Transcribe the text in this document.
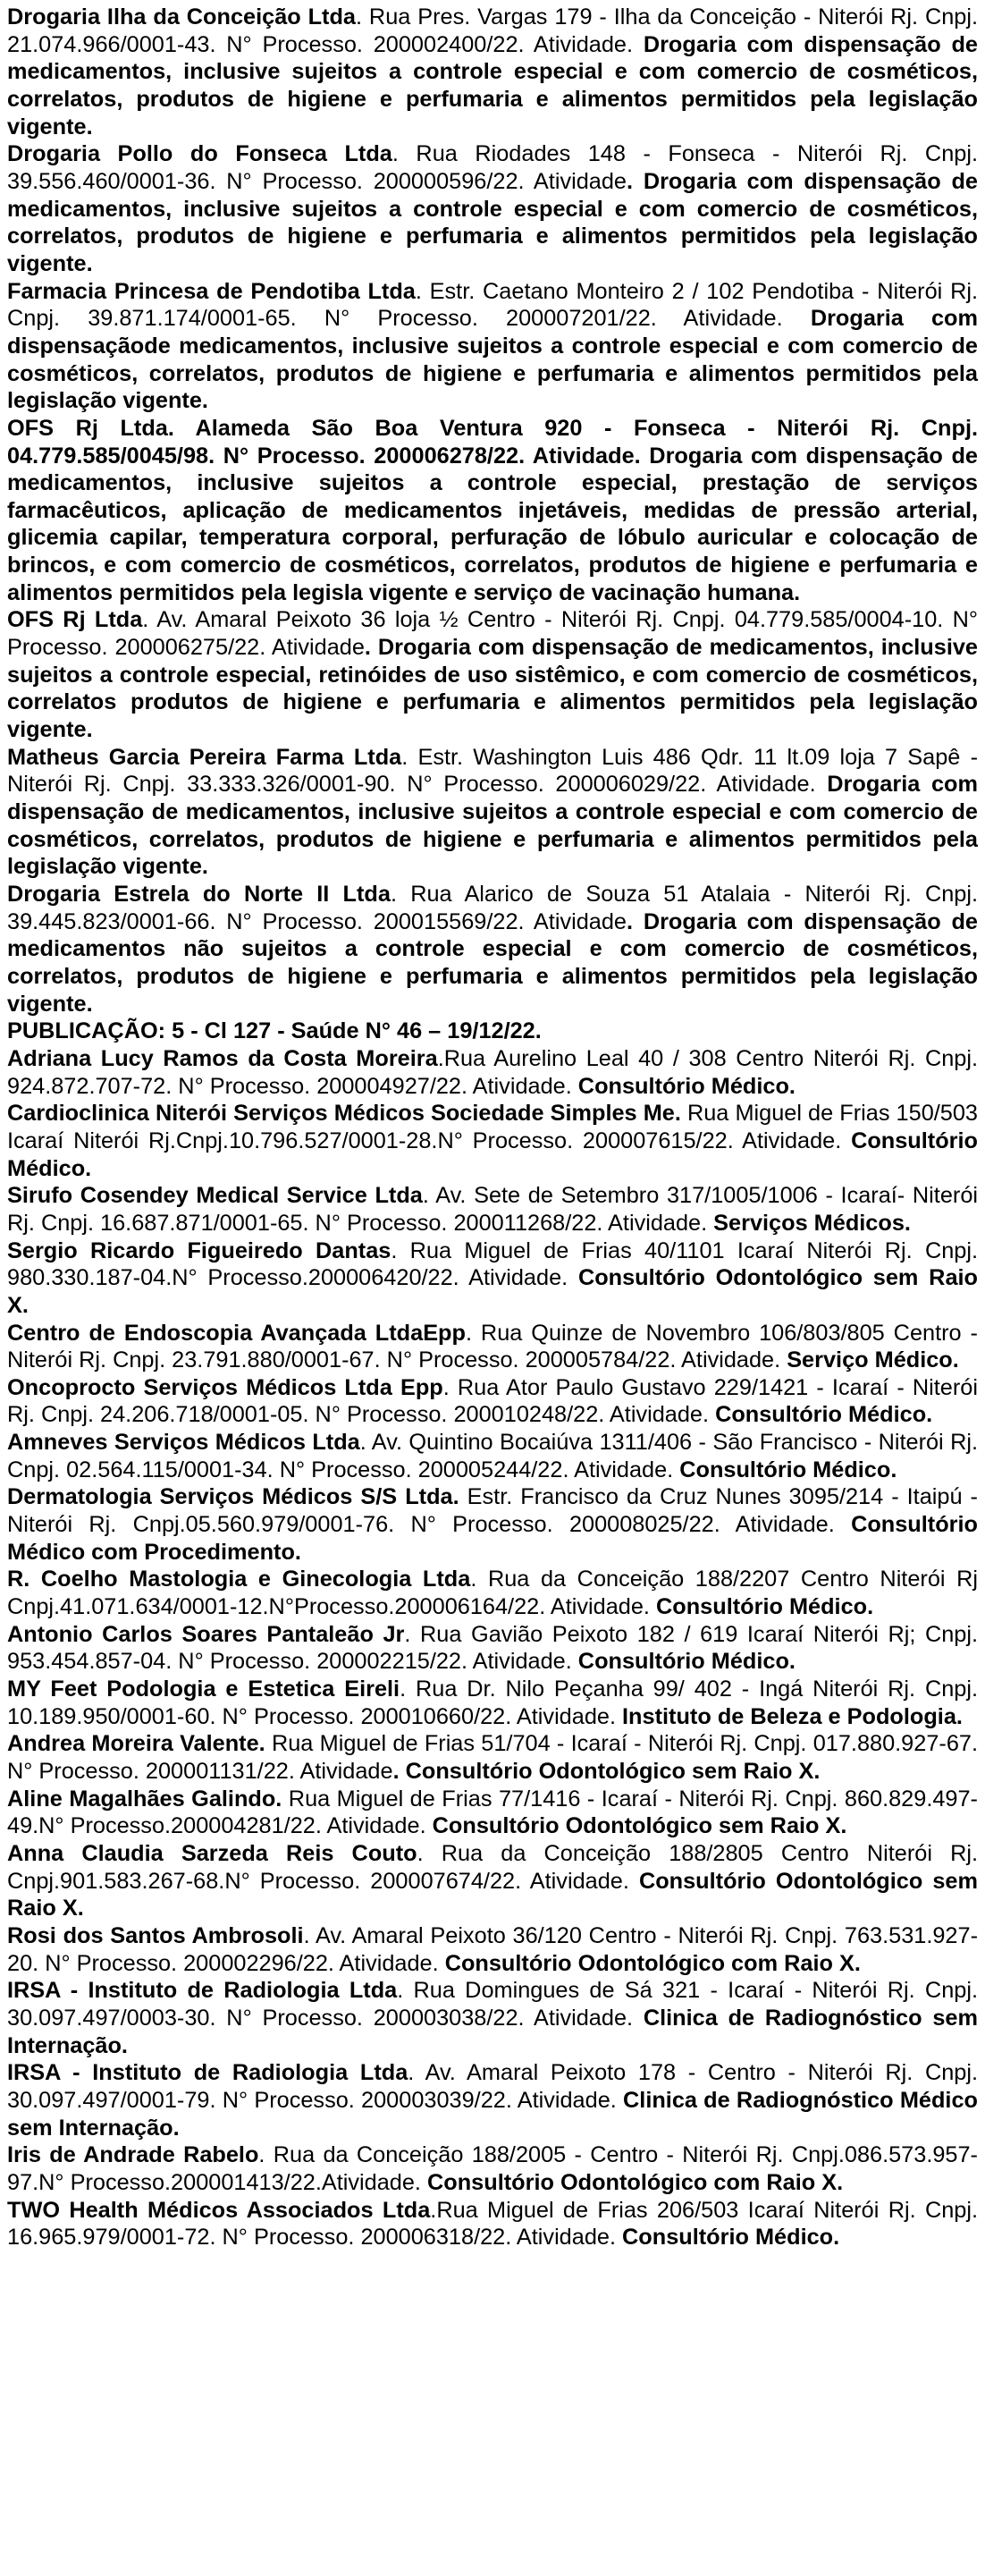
Drogaria Ilha da Conceição Ltda. Rua Pres. Vargas 179 - Ilha da Conceição - Niterói Rj. Cnpj. 21.074.966/0001-43. N° Processo. 200002400/22. Atividade. Drogaria com dispensação de medicamentos, inclusive sujeitos a controle especial e com comercio de cosméticos, correlatos, produtos de higiene e perfumaria e alimentos permitidos pela legislação vigente.

Drogaria Pollo do Fonseca Ltda. Rua Riodades 148 - Fonseca - Niterói Rj. Cnpj. 39.556.460/0001-36. N° Processo. 200000596/22. Atividade. Drogaria com dispensação de medicamentos, inclusive sujeitos a controle especial e com comercio de cosméticos, correlatos, produtos de higiene e perfumaria e alimentos permitidos pela legislação vigente.

Farmacia Princesa de Pendotiba Ltda. Estr. Caetano Monteiro 2 / 102 Pendotiba - Niterói Rj. Cnpj. 39.871.174/0001-65. N° Processo. 200007201/22. Atividade. Drogaria com dispensaçãode medicamentos, inclusive sujeitos a controle especial e com comercio de cosméticos, correlatos, produtos de higiene e perfumaria e alimentos permitidos pela legislação vigente.

OFS Rj Ltda. Alameda São Boa Ventura 920 - Fonseca - Niterói Rj. Cnpj. 04.779.585/0045/98. N° Processo. 200006278/22. Atividade. Drogaria com dispensação de medicamentos, inclusive sujeitos a controle especial, prestação de serviços farmacêuticos, aplicação de medicamentos injetáveis, medidas de pressão arterial, glicemia capilar, temperatura corporal, perfuração de lóbulo auricular e colocação de brincos, e com comercio de cosméticos, correlatos, produtos de higiene e perfumaria e alimentos permitidos pela legisla vigente e serviço de vacinação humana.

OFS Rj Ltda. Av. Amaral Peixoto 36 loja ½ Centro - Niterói Rj. Cnpj. 04.779.585/0004-10. N° Processo. 200006275/22. Atividade. Drogaria com dispensação de medicamentos, inclusive sujeitos a controle especial, retinóides de uso sistêmico, e com comercio de cosméticos, correlatos produtos de higiene e perfumaria e alimentos permitidos pela legislação vigente.

Matheus Garcia Pereira Farma Ltda. Estr. Washington Luis 486 Qdr. 11 lt.09 loja 7 Sapê - Niterói Rj. Cnpj. 33.333.326/0001-90. N° Processo. 200006029/22. Atividade. Drogaria com dispensação de medicamentos, inclusive sujeitos a controle especial e com comercio de cosméticos, correlatos, produtos de higiene e perfumaria e alimentos permitidos pela legislação vigente.

Drogaria Estrela do Norte II Ltda. Rua Alarico de Souza 51 Atalaia - Niterói Rj. Cnpj. 39.445.823/0001-66. N° Processo. 200015569/22. Atividade. Drogaria com dispensação de medicamentos não sujeitos a controle especial e com comercio de cosméticos, correlatos, produtos de higiene e perfumaria e alimentos permitidos pela legislação vigente.

PUBLICAÇÃO: 5 - Cl 127 - Saúde N° 46 – 19/12/22.

Adriana Lucy Ramos da Costa Moreira.Rua Aurelino Leal 40 / 308 Centro Niterói Rj. Cnpj. 924.872.707-72. N° Processo. 200004927/22. Atividade. Consultório Médico.

Cardioclinica Niterói Serviços Médicos Sociedade Simples Me. Rua Miguel de Frias 150/503 Icaraí Niterói Rj.Cnpj.10.796.527/0001-28.N° Processo. 200007615/22. Atividade. Consultório Médico.

Sirufo Cosendey Medical Service Ltda. Av. Sete de Setembro 317/1005/1006 - Icaraí- Niterói Rj. Cnpj. 16.687.871/0001-65. N° Processo. 200011268/22. Atividade. Serviços Médicos.

Sergio Ricardo Figueiredo Dantas. Rua Miguel de Frias 40/1101 Icaraí Niterói Rj. Cnpj. 980.330.187-04.N° Processo.200006420/22. Atividade. Consultório Odontológico sem Raio X.

Centro de Endoscopia Avançada LtdaEpp. Rua Quinze de Novembro 106/803/805 Centro - Niterói Rj. Cnpj. 23.791.880/0001-67. N° Processo. 200005784/22. Atividade. Serviço Médico.

Oncoprocto Serviços Médicos Ltda Epp. Rua Ator Paulo Gustavo 229/1421 - Icaraí - Niterói Rj. Cnpj. 24.206.718/0001-05. N° Processo. 200010248/22. Atividade. Consultório Médico.

Amneves Serviços Médicos Ltda. Av. Quintino Bocaiúva 1311/406 - São Francisco - Niterói Rj. Cnpj. 02.564.115/0001-34. N° Processo. 200005244/22. Atividade. Consultório Médico.

Dermatologia Serviços Médicos S/S Ltda. Estr. Francisco da Cruz Nunes 3095/214 - Itaipú - Niterói Rj. Cnpj.05.560.979/0001-76. N° Processo. 200008025/22. Atividade. Consultório Médico com Procedimento.

R. Coelho Mastologia e Ginecologia Ltda. Rua da Conceição 188/2207 Centro Niterói Rj Cnpj.41.071.634/0001-12.N°Processo.200006164/22. Atividade. Consultório Médico.

Antonio Carlos Soares Pantaleão Jr. Rua Gavião Peixoto 182 / 619 Icaraí Niterói Rj; Cnpj. 953.454.857-04. N° Processo. 200002215/22. Atividade. Consultório Médico.

MY Feet Podologia e Estetica Eireli. Rua Dr. Nilo Peçanha 99/ 402 - Ingá Niterói Rj. Cnpj. 10.189.950/0001-60. N° Processo. 200010660/22. Atividade. Instituto de Beleza e Podologia.

Andrea Moreira Valente. Rua Miguel de Frias 51/704 - Icaraí - Niterói Rj. Cnpj. 017.880.927-67. N° Processo. 200001131/22. Atividade. Consultório Odontológico sem Raio X.

Aline Magalhães Galindo. Rua Miguel de Frias 77/1416 - Icaraí - Niterói Rj. Cnpj. 860.829.497-49.N° Processo.200004281/22. Atividade. Consultório Odontológico sem Raio X.

Anna Claudia Sarzeda Reis Couto. Rua da Conceição 188/2805 Centro Niterói Rj. Cnpj.901.583.267-68.N° Processo. 200007674/22. Atividade. Consultório Odontológico sem Raio X.

Rosi dos Santos Ambrosoli. Av. Amaral Peixoto 36/120 Centro - Niterói Rj. Cnpj. 763.531.927-20. N° Processo. 200002296/22. Atividade. Consultório Odontológico com Raio X.

IRSA - Instituto de Radiologia Ltda. Rua Domingues de Sá 321 - Icaraí - Niterói Rj. Cnpj. 30.097.497/0003-30. N° Processo. 200003038/22. Atividade. Clinica de Radiognóstico sem Internação.

IRSA - Instituto de Radiologia Ltda. Av. Amaral Peixoto 178 - Centro - Niterói Rj. Cnpj. 30.097.497/0001-79. N° Processo. 200003039/22. Atividade. Clinica de Radiognóstico Médico sem Internação.

Iris de Andrade Rabelo. Rua da Conceição 188/2005 - Centro - Niterói Rj. Cnpj.086.573.957-97.N° Processo.200001413/22.Atividade. Consultório Odontológico com Raio X.

TWO Health Médicos Associados Ltda.Rua Miguel de Frias 206/503 Icaraí Niterói Rj. Cnpj. 16.965.979/0001-72. N° Processo. 200006318/22. Atividade. Consultório Médico.
